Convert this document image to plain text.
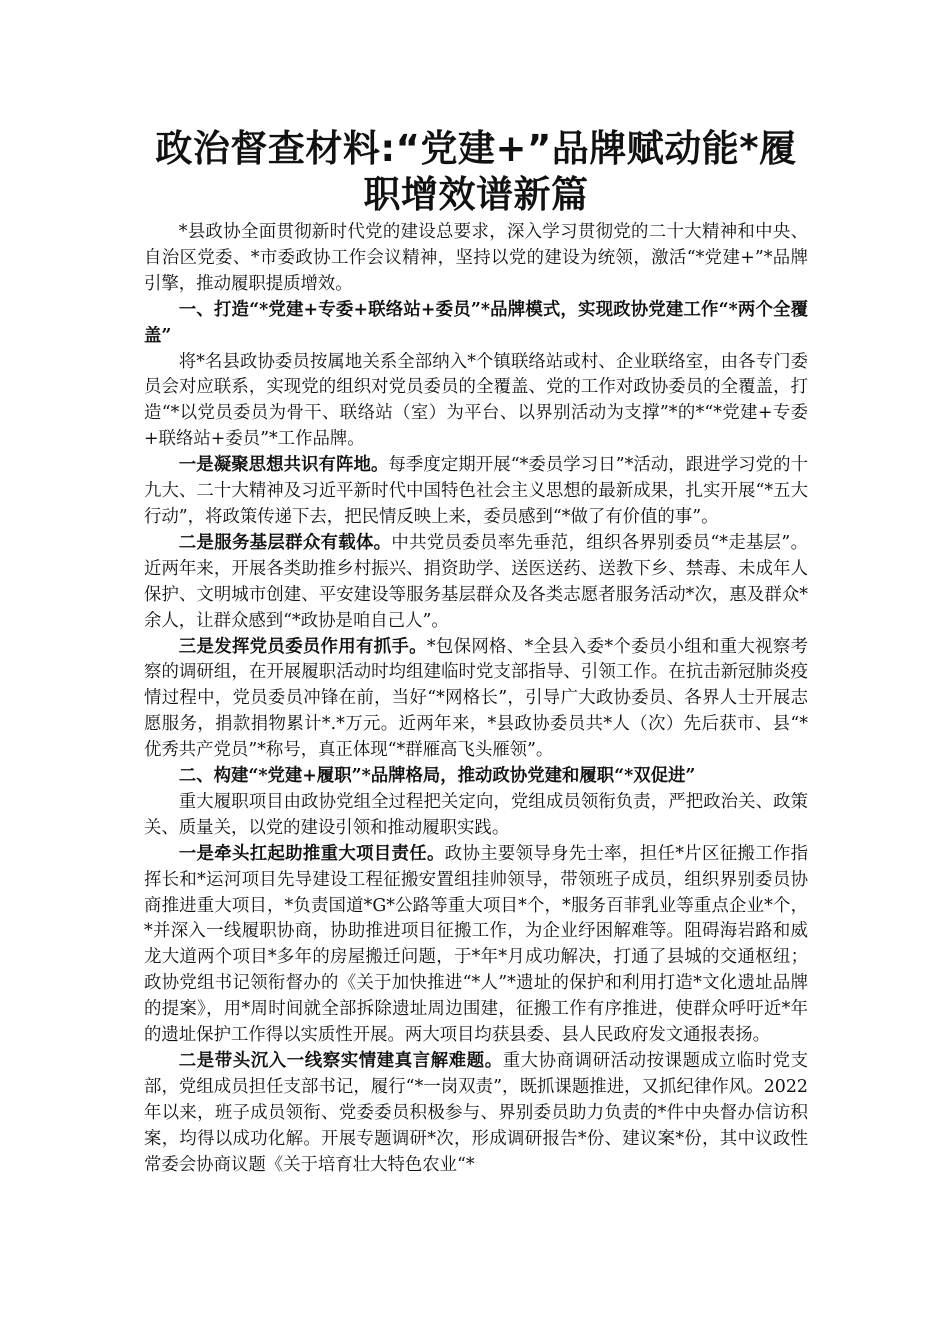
政治督查材料:“党建+”品牌赋动能*履职增效谱新篇

*县政协全面贯彻新时代党的建设总要求，深入学习贯彻党的二十大精神和中央、自治区党委、*市委政协工作会议精神，坚持以党的建设为统领，激活“*党建+”*品牌引擎，推动履职提质增效。

一、打造“*党建+专委+联络站+委员”*品牌模式，实现政协党建工作“*两个全覆盖”

将*名县政协委员按属地关系全部纳入*个镇联络站或村、企业联络室，由各专门委员会对应联系，实现党的组织对党员委员的全覆盖、党的工作对政协委员的全覆盖，打造“*以党员委员为骨干、联络站（室）为平台、以界别活动为支撑”*的*“*党建+专委+联络站+委员”*工作品牌。

一是凝聚思想共识有阵地。每季度定期开展“*委员学习日”*活动，跟进学习党的十九大、二十大精神及习近平新时代中国特色社会主义思想的最新成果，扎实开展“*五大行动”，将政策传递下去，把民情反映上来，委员感到“*做了有价值的事”。

二是服务基层群众有载体。中共党员委员率先垂范，组织各界别委员“*走基层”。近两年来，开展各类助推乡村振兴、捐资助学、送医送药、送教下乡、禁毒、未成年人保护、文明城市创建、平安建设等服务基层群众及各类志愿者服务活动*次，惠及群众*余人，让群众感到“*政协是咱自己人”。

三是发挥党员委员作用有抓手。*包保网格、*全县入委*个委员小组和重大视察考察的调研组，在开展履职活动时均组建临时党支部指导、引领工作。在抗击新冠肺炎疫情过程中，党员委员冲锋在前，当好“*网格长”，引导广大政协委员、各界人士开展志愿服务，捐款捐物累计*.*万元。近两年来，*县政协委员共*人（次）先后获市、县“*优秀共产党员”*称号，真正体现“*群雁高飞头雁领”。

二、构建“*党建+履职”*品牌格局，推动政协党建和履职“*双促进”

重大履职项目由政协党组全过程把关定向，党组成员领衔负责，严把政治关、政策关、质量关，以党的建设引领和推动履职实践。

一是牵头扛起助推重大项目责任。政协主要领导身先士率，担任*片区征搬工作指挥长和*运河项目先导建设工程征搬安置组挂帅领导，带领班子成员，组织界别委员协商推进重大项目，*负责国道*G*公路等重大项目*个，*服务百菲乳业等重点企业*个，*并深入一线履职协商，协助推进项目征搬工作，为企业纾困解难等。阻碍海岩路和威龙大道两个项目*多年的房屋搬迁问题，于*年*月成功解决，打通了县城的交通枢纽；政协党组书记领衔督办的《关于加快推进“*人”*遗址的保护和利用打造*文化遗址品牌的提案》，用*周时间就全部拆除遗址周边围建，征搬工作有序推进，使群众呼吁近*年的遗址保护工作得以实质性开展。两大项目均获县委、县人民政府发文通报表扬。

二是带头沉入一线察实情建真言解难题。重大协商调研活动按课题成立临时党支部，党组成员担任支部书记，履行“*一岗双责”，既抓课题推进，又抓纪律作风。2022年以来，班子成员领衔、党委委员积极参与、界别委员助力负责的*件中央督办信访积案，均得以成功化解。开展专题调研*次，形成调研报告*份、建议案*份，其中议政性常委会协商议题《关于培育壮大特色农业“*
